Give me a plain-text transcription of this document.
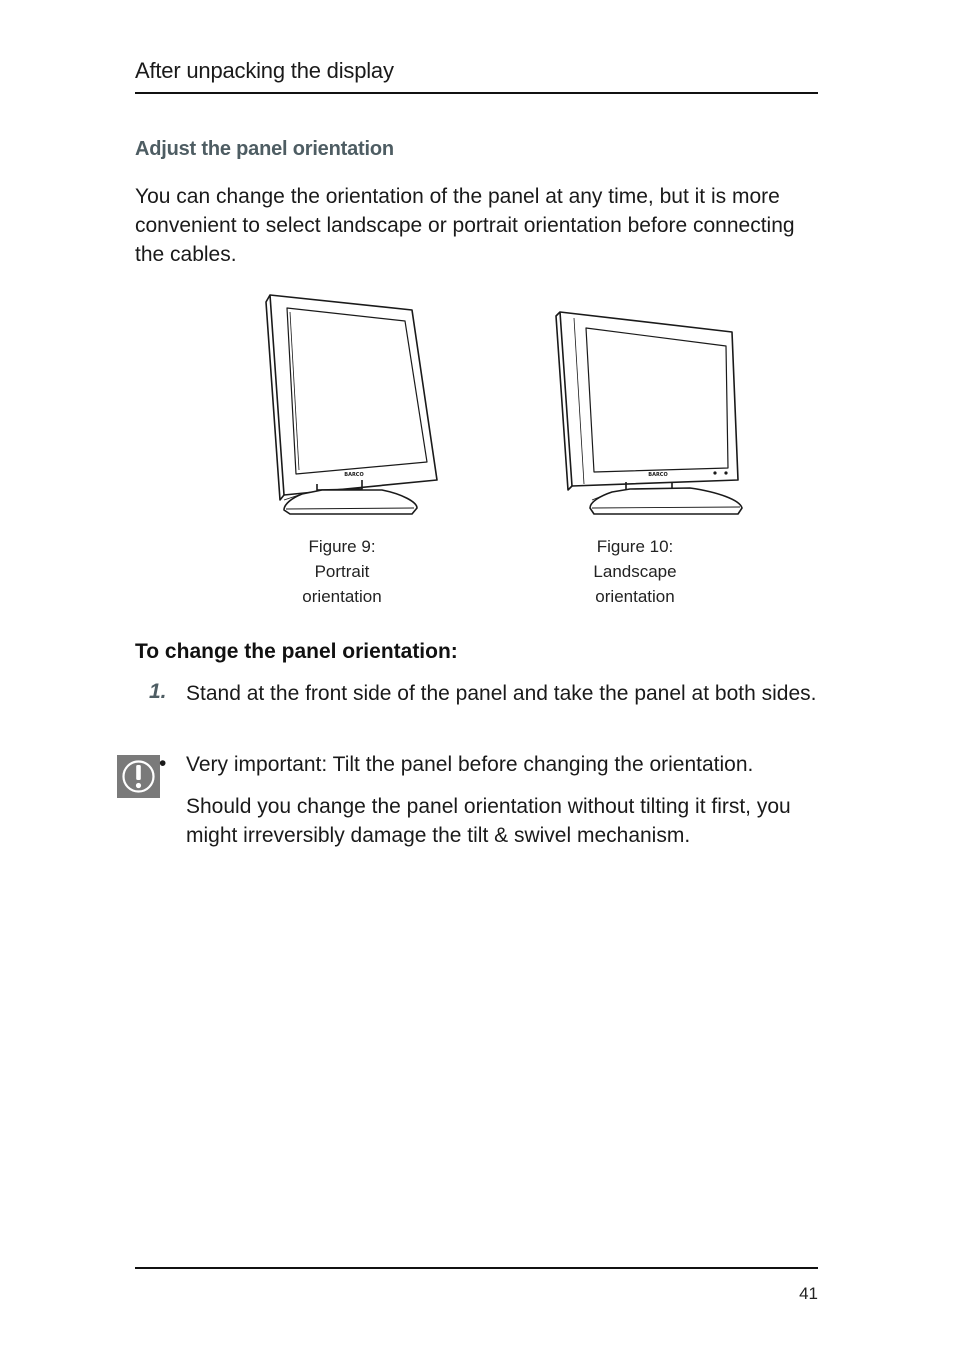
After unpacking the display
Adjust the panel orientation
You can change the orientation of the panel at any time, but it is more convenient to select landscape or portrait orientation before connecting the cables.
BARCO
Figure 9:
Portrait
orientation
BARCO
Figure 10:
Landscape
orientation
To change the panel orientation:
1. Stand at the front side of the panel and take the panel at both sides.
• Very important: Tilt the panel before changing the orientation.
Should you change the panel orientation without tilting it first, you might irreversibly damage the tilt & swivel mechanism.
41
